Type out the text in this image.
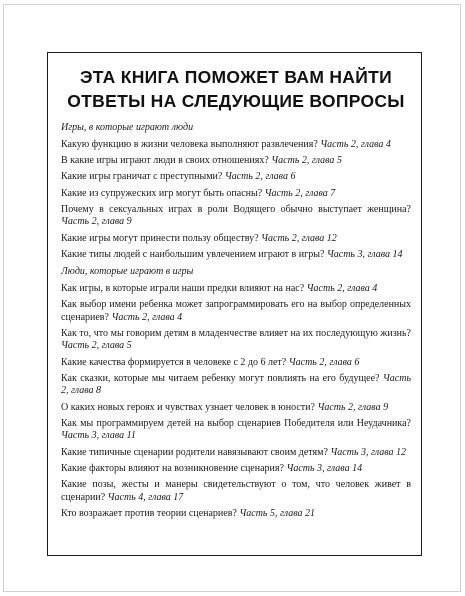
ЭТА КНИГА ПОМОЖЕТ ВАМ НАЙТИ
ОТВЕТЫ НА СЛЕДУЮЩИЕ ВОПРОСЫ
Игры, в которые играют люди
Какую функцию в жизни человека выполняют развлечения? Часть 2, глава 4
В какие игры играют люди в своих отношениях? Часть 2, глава 5
Какие игры граничат с преступными? Часть 2, глава 6
Какие из супружеских игр могут быть опасны? Часть 2, глава 7
Почему в сексуальных играх в роли Водящего обычно выступает женщина? Часть 2, глава 9
Какие игры могут принести пользу обществу? Часть 2, глава 12
Какие типы людей с наибольшим увлечением играют в игры? Часть 3, глава 14
Люди, которые играют в игры
Как игры, в которые играли наши предки влияют на нас? Часть 2, глава 4
Как выбор имени ребенка может запрограммировать его на выбор определенных сценариев? Часть 2, глава 4
Как то, что мы говорим детям в младенчестве влияет на их последующую жизнь? Часть 2, глава 5
Какие качества формируется в человеке с 2 до 6 лет? Часть 2, глава 6
Как сказки, которые мы читаем ребенку могут повлиять на его будущее? Часть 2, глава 8
О каких новых героях и чувствах узнает человек в юности? Часть 2, глава 9
Как мы программируем детей на выбор сценариев Победителя или Неудачника? Часть 3, глава 11
Какие типичные сценарии родители навязывают своим детям? Часть 3, глава 12
Какие факторы влияют на возникновение сценария? Часть 3, глава 14
Какие позы, жесты и манеры свидетельствуют о том, что человек живет в сценарии? Часть 4, глава 17
Кто возражает против теории сценариев? Часть 5, глава 21
